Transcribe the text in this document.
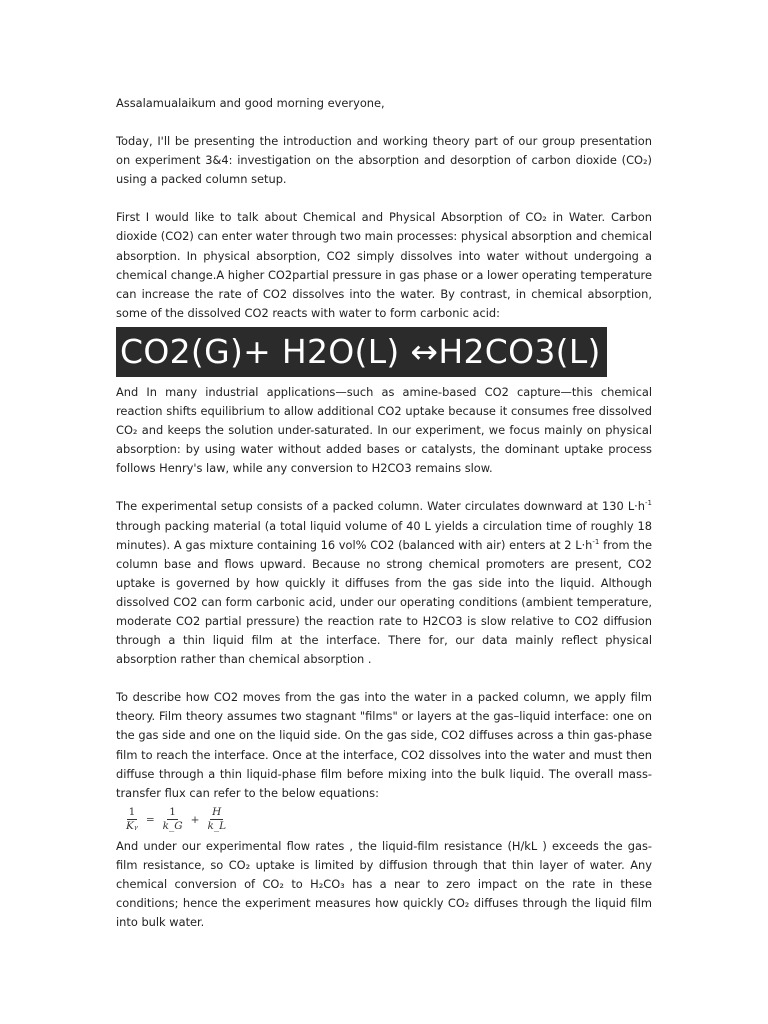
Assalamualaikum and good morning everyone,

Today, I'll be presenting the introduction and working theory part of our group presentation on experiment 3&4: investigation on the absorption and desorption of carbon dioxide (CO₂) using a packed column setup.

First I would like to talk about Chemical and Physical Absorption of CO₂ in Water. Carbon dioxide (CO2) can enter water through two main processes: physical absorption and chemical absorption. In physical absorption, CO2 simply dissolves into water without undergoing a chemical change.A higher CO2partial pressure in gas phase or a lower operating temperature can increase the rate of CO2 dissolves into the water. By contrast, in chemical absorption, some of the dissolved CO2 reacts with water to form carbonic acid:

CO2(G)+ H2O(L) ↔H2CO3(L)

And In many industrial applications—such as amine-based CO2 capture—this chemical reaction shifts equilibrium to allow additional CO2 uptake because it consumes free dissolved CO₂ and keeps the solution under-saturated. In our experiment, we focus mainly on physical absorption: by using water without added bases or catalysts, the dominant uptake process follows Henry's law, while any conversion to H2CO3 remains slow.

The experimental setup consists of a packed column. Water circulates downward at 130 $L\cdot h^{-1}$ through packing material (a total liquid volume of 40 L yields a circulation time of roughly 18 minutes). A gas mixture containing 16 vol% CO2 (balanced with air) enters at 2 $L\cdot h^{-1}$ from the column base and flows upward. Because no strong chemical promoters are present, CO2 uptake is governed by how quickly it diffuses from the gas side into the liquid. Although dissolved CO2 can form carbonic acid, under our operating conditions (ambient temperature, moderate CO2 partial pressure) the reaction rate to H2CO3 is slow relative to CO2 diffusion through a thin liquid film at the interface. There for, our data mainly reflect physical absorption rather than chemical absorption .

To describe how CO2 moves from the gas into the water in a packed column, we apply film theory. Film theory assumes two stagnant "films" or layers at the gas–liquid interface: one on the gas side and one on the liquid side. On the gas side, CO2 diffuses across a thin gas-phase film to reach the interface. Once at the interface, CO2 dissolves into the water and must then diffuse through a thin liquid-phase film before mixing into the bulk liquid. The overall mass-transfer flux can refer to the below equations:

$\frac{1}{\text{Kᵧ}} = \frac{1}{k\_G} + \frac{H}{k\_L}$

And under our experimental flow rates , the liquid-film resistance (H/kL ) exceeds the gas-film resistance, so CO₂ uptake is limited by diffusion through that thin layer of water. Any chemical conversion of CO₂ to H₂CO₃ has a near to zero impact on the rate in these conditions; hence the experiment measures how quickly CO₂ diffuses through the liquid film into bulk water.
